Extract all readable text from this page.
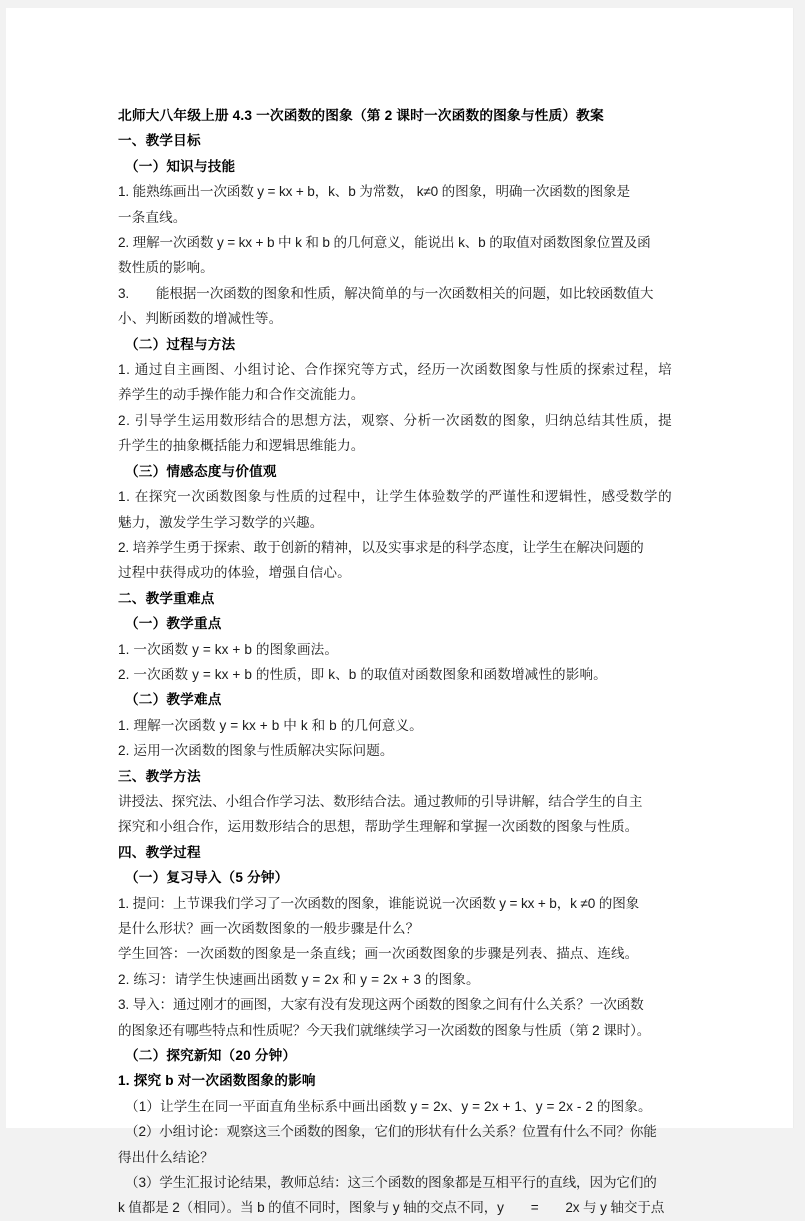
北师大八年级上册 4.3 一次函数的图象（第 2 课时一次函数的图象与性质）教案
一、教学目标
（一）知识与技能
1. 能熟练画出一次函数 y = kx + b，k、b 为常数， k≠0 的图象，明确一次函数的图象是
一条直线。
2. 理解一次函数 y = kx + b 中 k 和 b 的几何意义，能说出 k、b 的取值对函数图象位置及函
数性质的影响。
3.　　能根据一次函数的图象和性质，解决简单的与一次函数相关的问题，如比较函数值大
小、判断函数的增减性等。
（二）过程与方法
1. 通过自主画图、小组讨论、合作探究等方式，经历一次函数图象与性质的探索过程，培
养学生的动手操作能力和合作交流能力。
2. 引导学生运用数形结合的思想方法，观察、分析一次函数的图象，归纳总结其性质，提
升学生的抽象概括能力和逻辑思维能力。
（三）情感态度与价值观
1. 在探究一次函数图象与性质的过程中，让学生体验数学的严谨性和逻辑性，感受数学的
魅力，激发学生学习数学的兴趣。
2. 培养学生勇于探索、敢于创新的精神，以及实事求是的科学态度，让学生在解决问题的
过程中获得成功的体验，增强自信心。
二、教学重难点
（一）教学重点
1. 一次函数 y = kx + b 的图象画法。
2. 一次函数 y = kx + b 的性质，即 k、b 的取值对函数图象和函数增减性的影响。
（二）教学难点
1. 理解一次函数 y = kx + b 中 k 和 b 的几何意义。
2. 运用一次函数的图象与性质解决实际问题。
三、教学方法
讲授法、探究法、小组合作学习法、数形结合法。通过教师的引导讲解，结合学生的自主
探究和小组合作，运用数形结合的思想，帮助学生理解和掌握一次函数的图象与性质。
四、教学过程
（一）复习导入（5 分钟）
1. 提问：上节课我们学习了一次函数的图象，谁能说说一次函数 y = kx + b，k ≠0 的图象
是什么形状？画一次函数图象的一般步骤是什么？
学生回答：一次函数的图象是一条直线；画一次函数图象的步骤是列表、描点、连线。
2. 练习：请学生快速画出函数 y = 2x 和 y = 2x + 3 的图象。
3. 导入：通过刚才的画图，大家有没有发现这两个函数的图象之间有什么关系？一次函数
的图象还有哪些特点和性质呢？今天我们就继续学习一次函数的图象与性质（第 2 课时）。
（二）探究新知（20 分钟）
1. 探究 b 对一次函数图象的影响
（1）让学生在同一平面直角坐标系中画出函数 y = 2x、y = 2x + 1、y = 2x - 2 的图象。
（2）小组讨论：观察这三个函数的图象，它们的形状有什么关系？位置有什么不同？你能
得出什么结论？
（3）学生汇报讨论结果，教师总结：这三个函数的图象都是互相平行的直线，因为它们的
k 值都是 2（相同）。当 b 的值不同时，图象与 y 轴的交点不同，y　　=　　2x 与 y 轴交于点
